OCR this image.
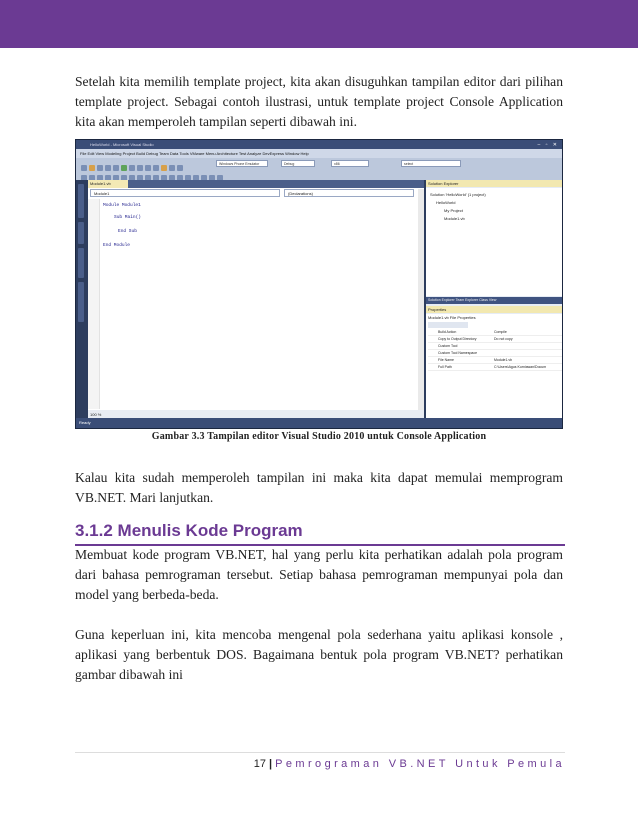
Setelah kita memilih template project, kita akan disuguhkan tampilan editor dari pilihan template project. Sebagai contoh ilustrasi, untuk template project Console Application kita akan memperoleh tampilan seperti dibawah ini.

HelloWorld - Microsoft Visual Studio	– ▫ ✕
File Edit View Modeling Project Build Debug Team Data Tools VMware Menu Architecture Test Analyze DevExpress Window Help
Windows Phone Emulator	Debug	x86	select
Module1.vb
Module1	(Declarations)
Module Module1
Sub Main()
End Sub
End Module
100 %
Solution Explorer
Solution 'HelloWorld' (1 project)
HelloWorld
My Project
Module1.vb
Solution Explorer Team Explorer Class View
Properties
Module1.vb File Properties
Build Action	Compile
Copy to Output Directory	Do not copy
Custom Tool
Custom Tool Namespace
File Name	Module1.vb
Full Path	C:\Users\Agus Kurniawan\Docum
Ready
Gambar 3.3 Tampilan editor Visual Studio 2010 untuk Console Application

Kalau kita sudah memperoleh tampilan ini maka kita dapat memulai memprogram VB.NET. Mari lanjutkan.

3.1.2 Menulis Kode Program

Membuat kode program VB.NET, hal yang perlu kita perhatikan adalah pola program dari bahasa pemrograman tersebut. Setiap bahasa pemrograman mempunyai pola dan model yang berbeda-beda.

Guna keperluan ini, kita mencoba mengenal pola sederhana yaitu aplikasi konsole , aplikasi yang berbentuk DOS. Bagaimana bentuk pola program VB.NET? perhatikan gambar dibawah ini

17 | Pemrograman VB.NET Untuk Pemula
